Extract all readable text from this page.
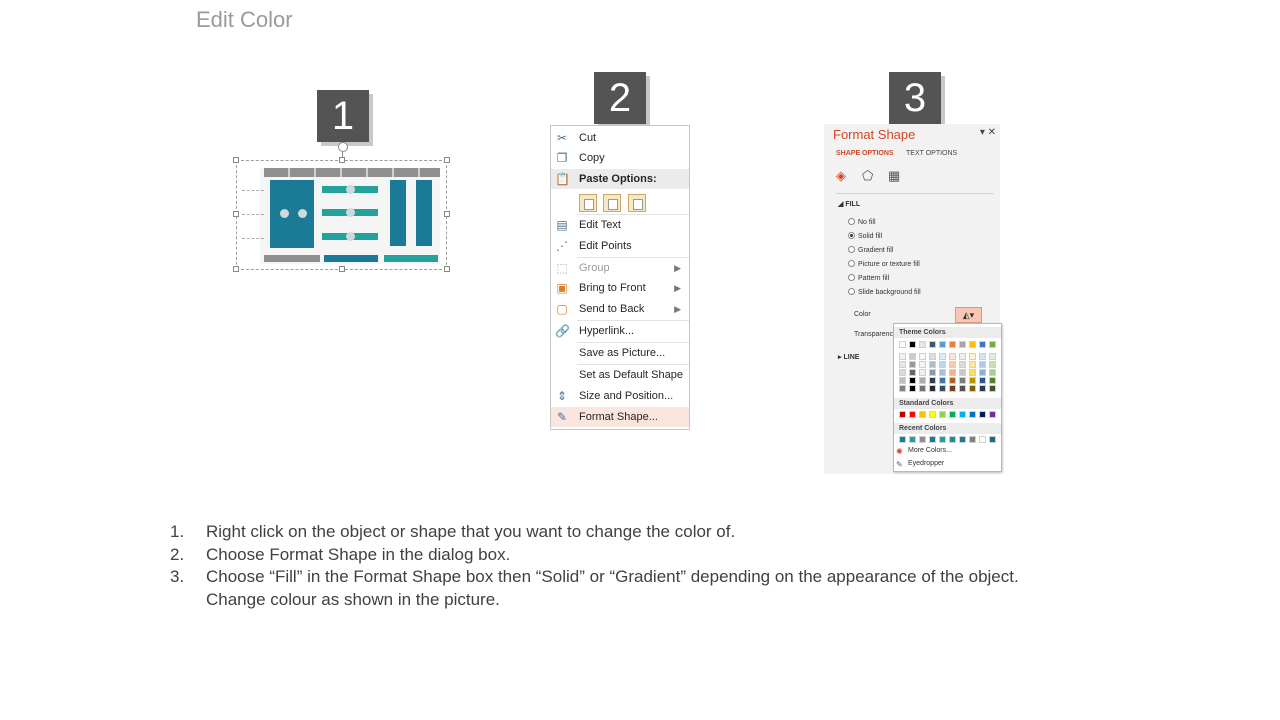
Edit Color
1	2	3
✂ Cut
❐ Copy
📋 Paste Options:
▤ Edit Text
⋰ Edit Points
⬚ Group	▶
▣ Bring to Front	▶
▢ Send to Back	▶
🔗 Hyperlink...
Save as Picture...
Set as Default Shape
⇕ Size and Position...
✎ Format Shape...
Format Shape	▾ ✕
SHAPE OPTIONS TEXT OPTIONS
◈ ⬠ ▦
◢ FILL
No fill
Solid fill
Gradient fill
Picture or texture fill
Pattern fill
Slide background fill
Color	◭▾
Transparenc
▸ LINE
Theme Colors
Standard Colors
Recent Colors
✺ More Colors...
✎ Eyedropper
1. Right click on the object or shape that you want to change the color of.
2. Choose Format Shape in the dialog box.
3. Choose “Fill” in the Format Shape box then “Solid” or “Gradient” depending on the appearance of the object.
Change colour as shown in the picture.
